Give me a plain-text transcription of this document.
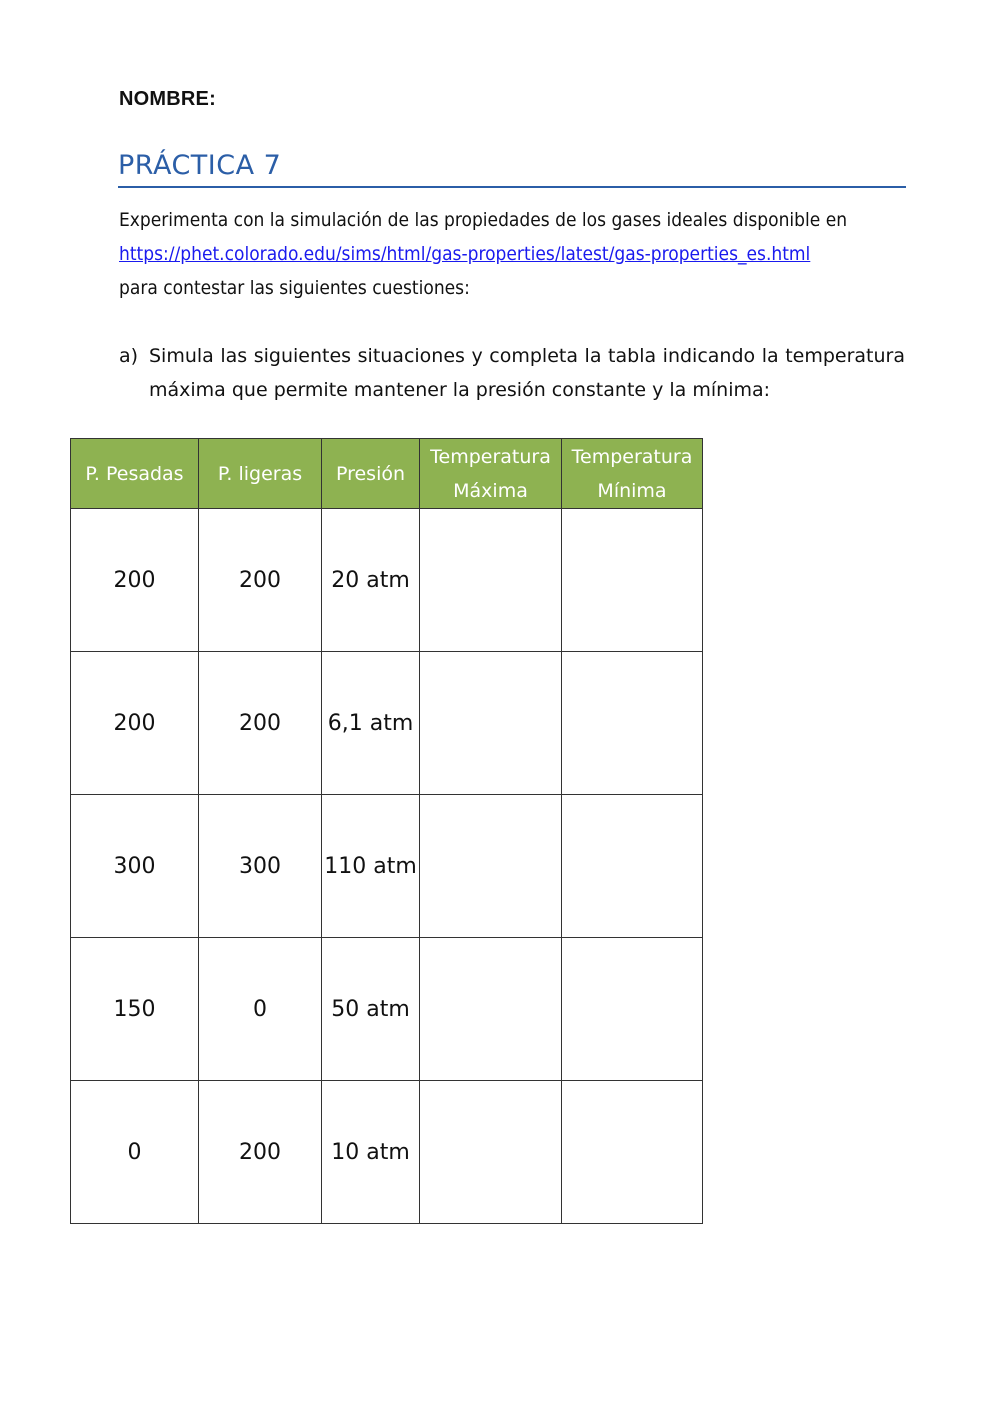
NOMBRE:
PRÁCTICA 7
Experimenta con la simulación de las propiedades de los gases ideales disponible en
https://phet.colorado.edu/sims/html/gas-properties/latest/gas-properties_es.html
para contestar las siguientes cuestiones:
a) Simula las siguientes situaciones y completa la tabla indicando la temperatura máxima que permite mantener la presión constante y la mínima:
P. Pesadas	P. ligeras	Presión	Temperatura Máxima	Temperatura Mínima
200	200	20 atm		
200	200	6,1 atm		
300	300	110 atm		
150	0	50 atm		
0	200	10 atm		
